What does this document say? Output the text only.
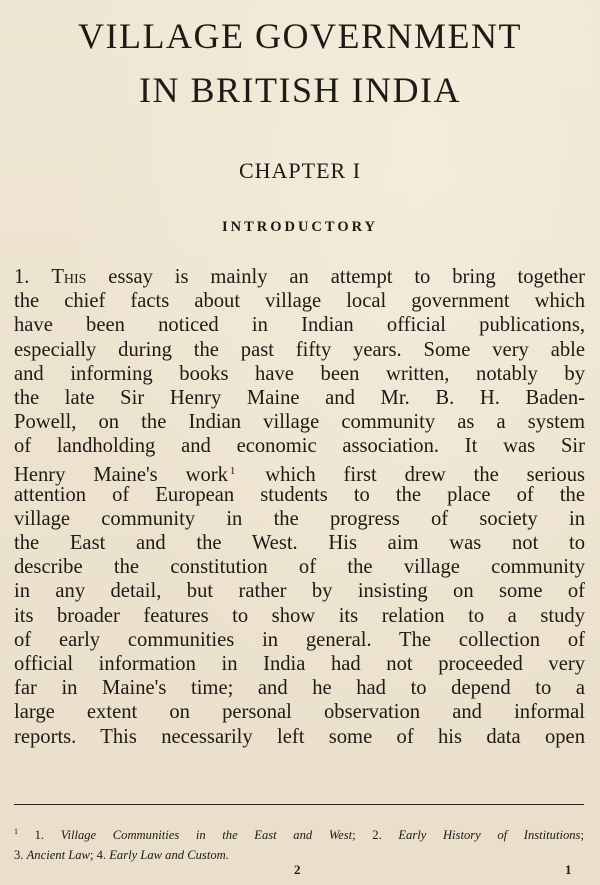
VILLAGE GOVERNMENT
IN BRITISH INDIA
CHAPTER I
INTRODUCTORY
1. This essay is mainly an attempt to bring together
the chief facts about village local government which
have been noticed in Indian official publications,
especially during the past fifty years. Some very able
and informing books have been written, notably by
the late Sir Henry Maine and Mr. B. H. Baden-
Powell, on the Indian village community as a system
of landholding and economic association. It was Sir
Henry Maine's work $^1$ which first drew the serious
attention of European students to the place of the
village community in the progress of society in
the East and the West. His aim was not to
describe the constitution of the village community
in any detail, but rather by insisting on some of
its broader features to show its relation to a study
of early communities in general. The collection of
official information in India had not proceeded very
far in Maine's time; and he had to depend to a
large extent on personal observation and informal
reports. This necessarily left some of his data open
$^1$ 1. Village Communities in the East and West; 2. Early History of Institutions;
3. Ancient Law; 4. Early Law and Custom.
2	1
